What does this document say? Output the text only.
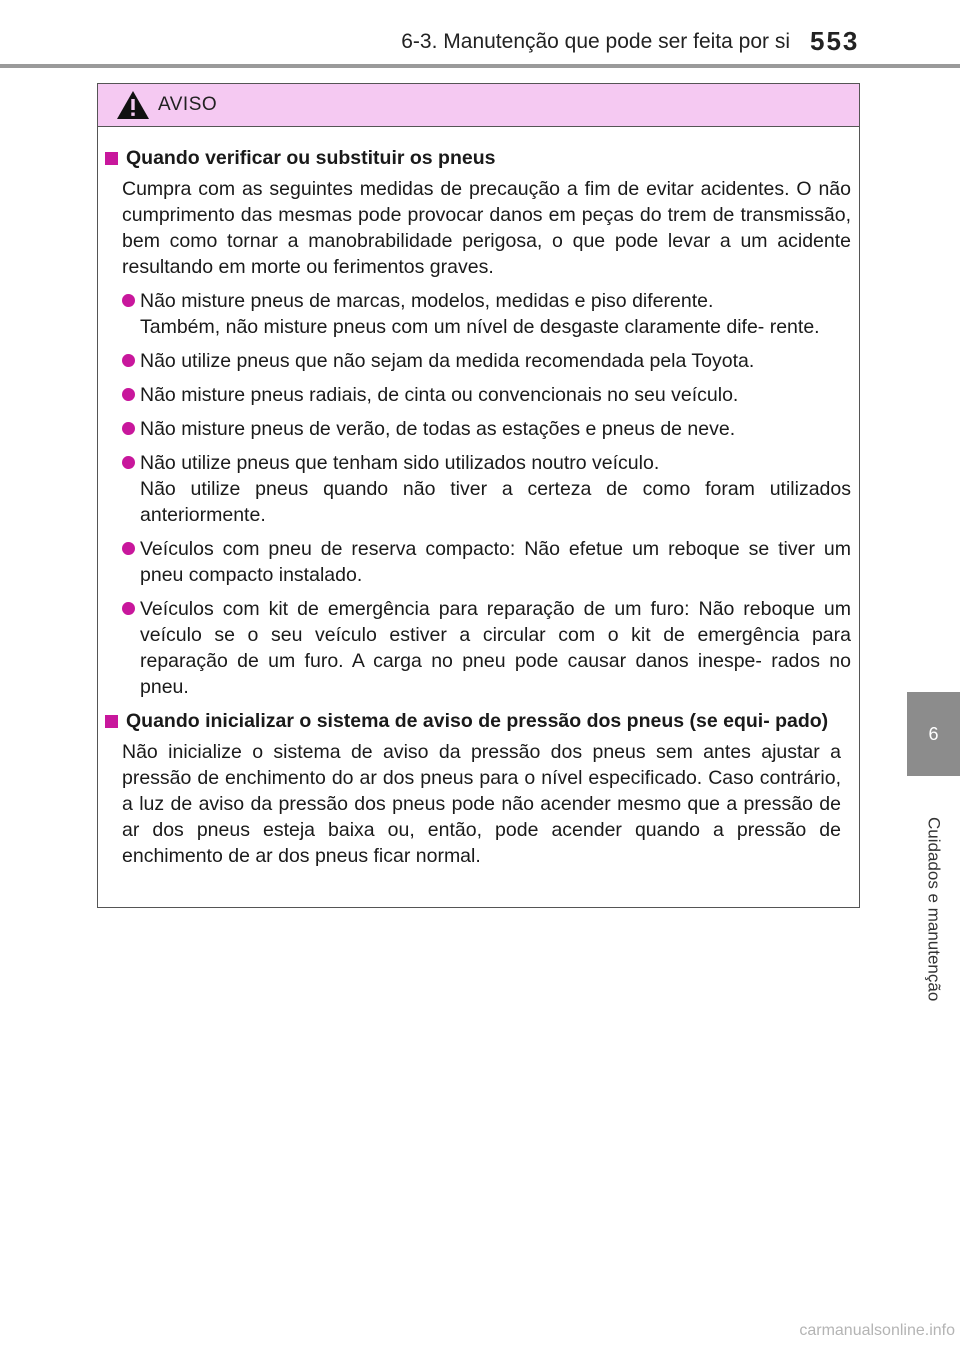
6-3. Manutenção que pode ser feita por si 553
6
Cuidados e manutenção
AVISO
Quando verificar ou substituir os pneus
Cumpra com as seguintes medidas de precaução a fim de evitar acidentes. O não cumprimento das mesmas pode provocar danos em peças do trem de transmissão, bem como tornar a manobrabilidade perigosa, o que pode levar a um acidente resultando em morte ou ferimentos graves.
Não misture pneus de marcas, modelos, medidas e piso diferente.
Também, não misture pneus com um nível de desgaste claramente dife- rente.
Não utilize pneus que não sejam da medida recomendada pela Toyota.
Não misture pneus radiais, de cinta ou convencionais no seu veículo.
Não misture pneus de verão, de todas as estações e pneus de neve.
Não utilize pneus que tenham sido utilizados noutro veículo.
Não utilize pneus quando não tiver a certeza de como foram utilizados anteriormente.
Veículos com pneu de reserva compacto: Não efetue um reboque se tiver um pneu compacto instalado.
Veículos com kit de emergência para reparação de um furo: Não reboque um veículo se o seu veículo estiver a circular com o kit de emergência para reparação de um furo. A carga no pneu pode causar danos inespe- rados no pneu.
Quando inicializar o sistema de aviso de pressão dos pneus (se equi- pado)
Não inicialize o sistema de aviso da pressão dos pneus sem antes ajustar a pressão de enchimento do ar dos pneus para o nível especificado. Caso contrário, a luz de aviso da pressão dos pneus pode não acender mesmo que a pressão de ar dos pneus esteja baixa ou, então, pode acender quando a pressão de enchimento de ar dos pneus ficar normal.
carmanualsonline.info
